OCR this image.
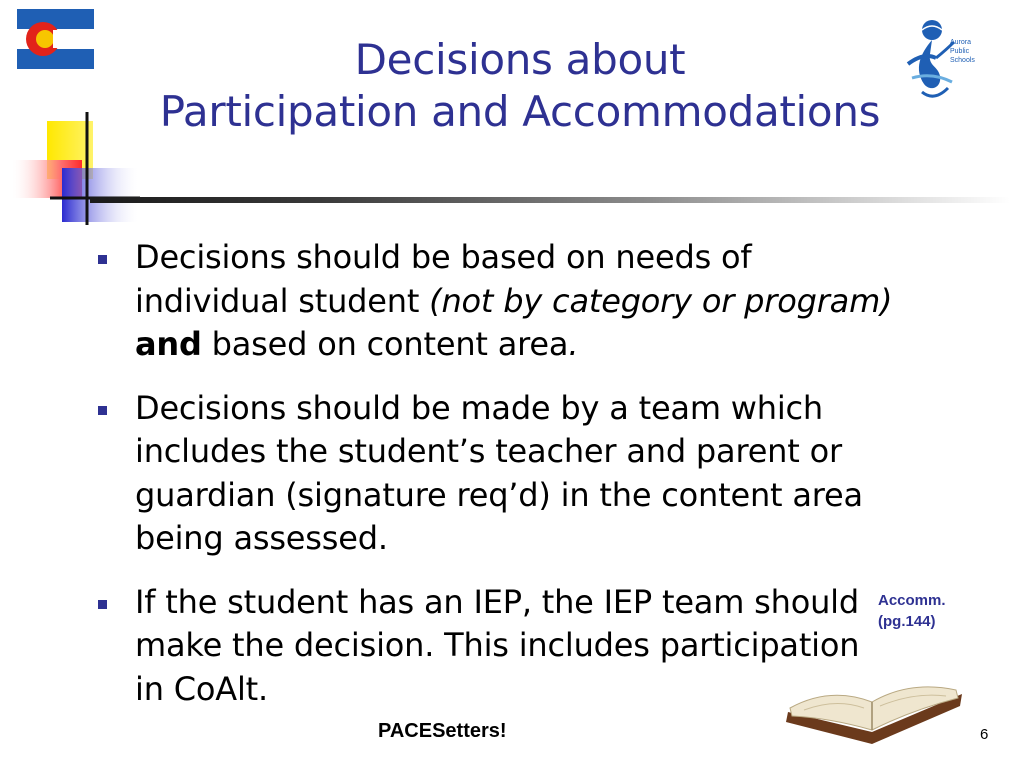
Decisions about
Participation and Accommodations
Aurora
Public
Schools
Decisions should be based on needs of individual student (not by category or program) and based on content area.
Decisions should be made by a team which includes the student’s teacher and parent or guardian (signature req’d) in the content area being assessed.
If the student has an IEP, the IEP team should make the decision. This includes participation in CoAlt.
Accomm.
(pg.144)
PACESetters!	6
